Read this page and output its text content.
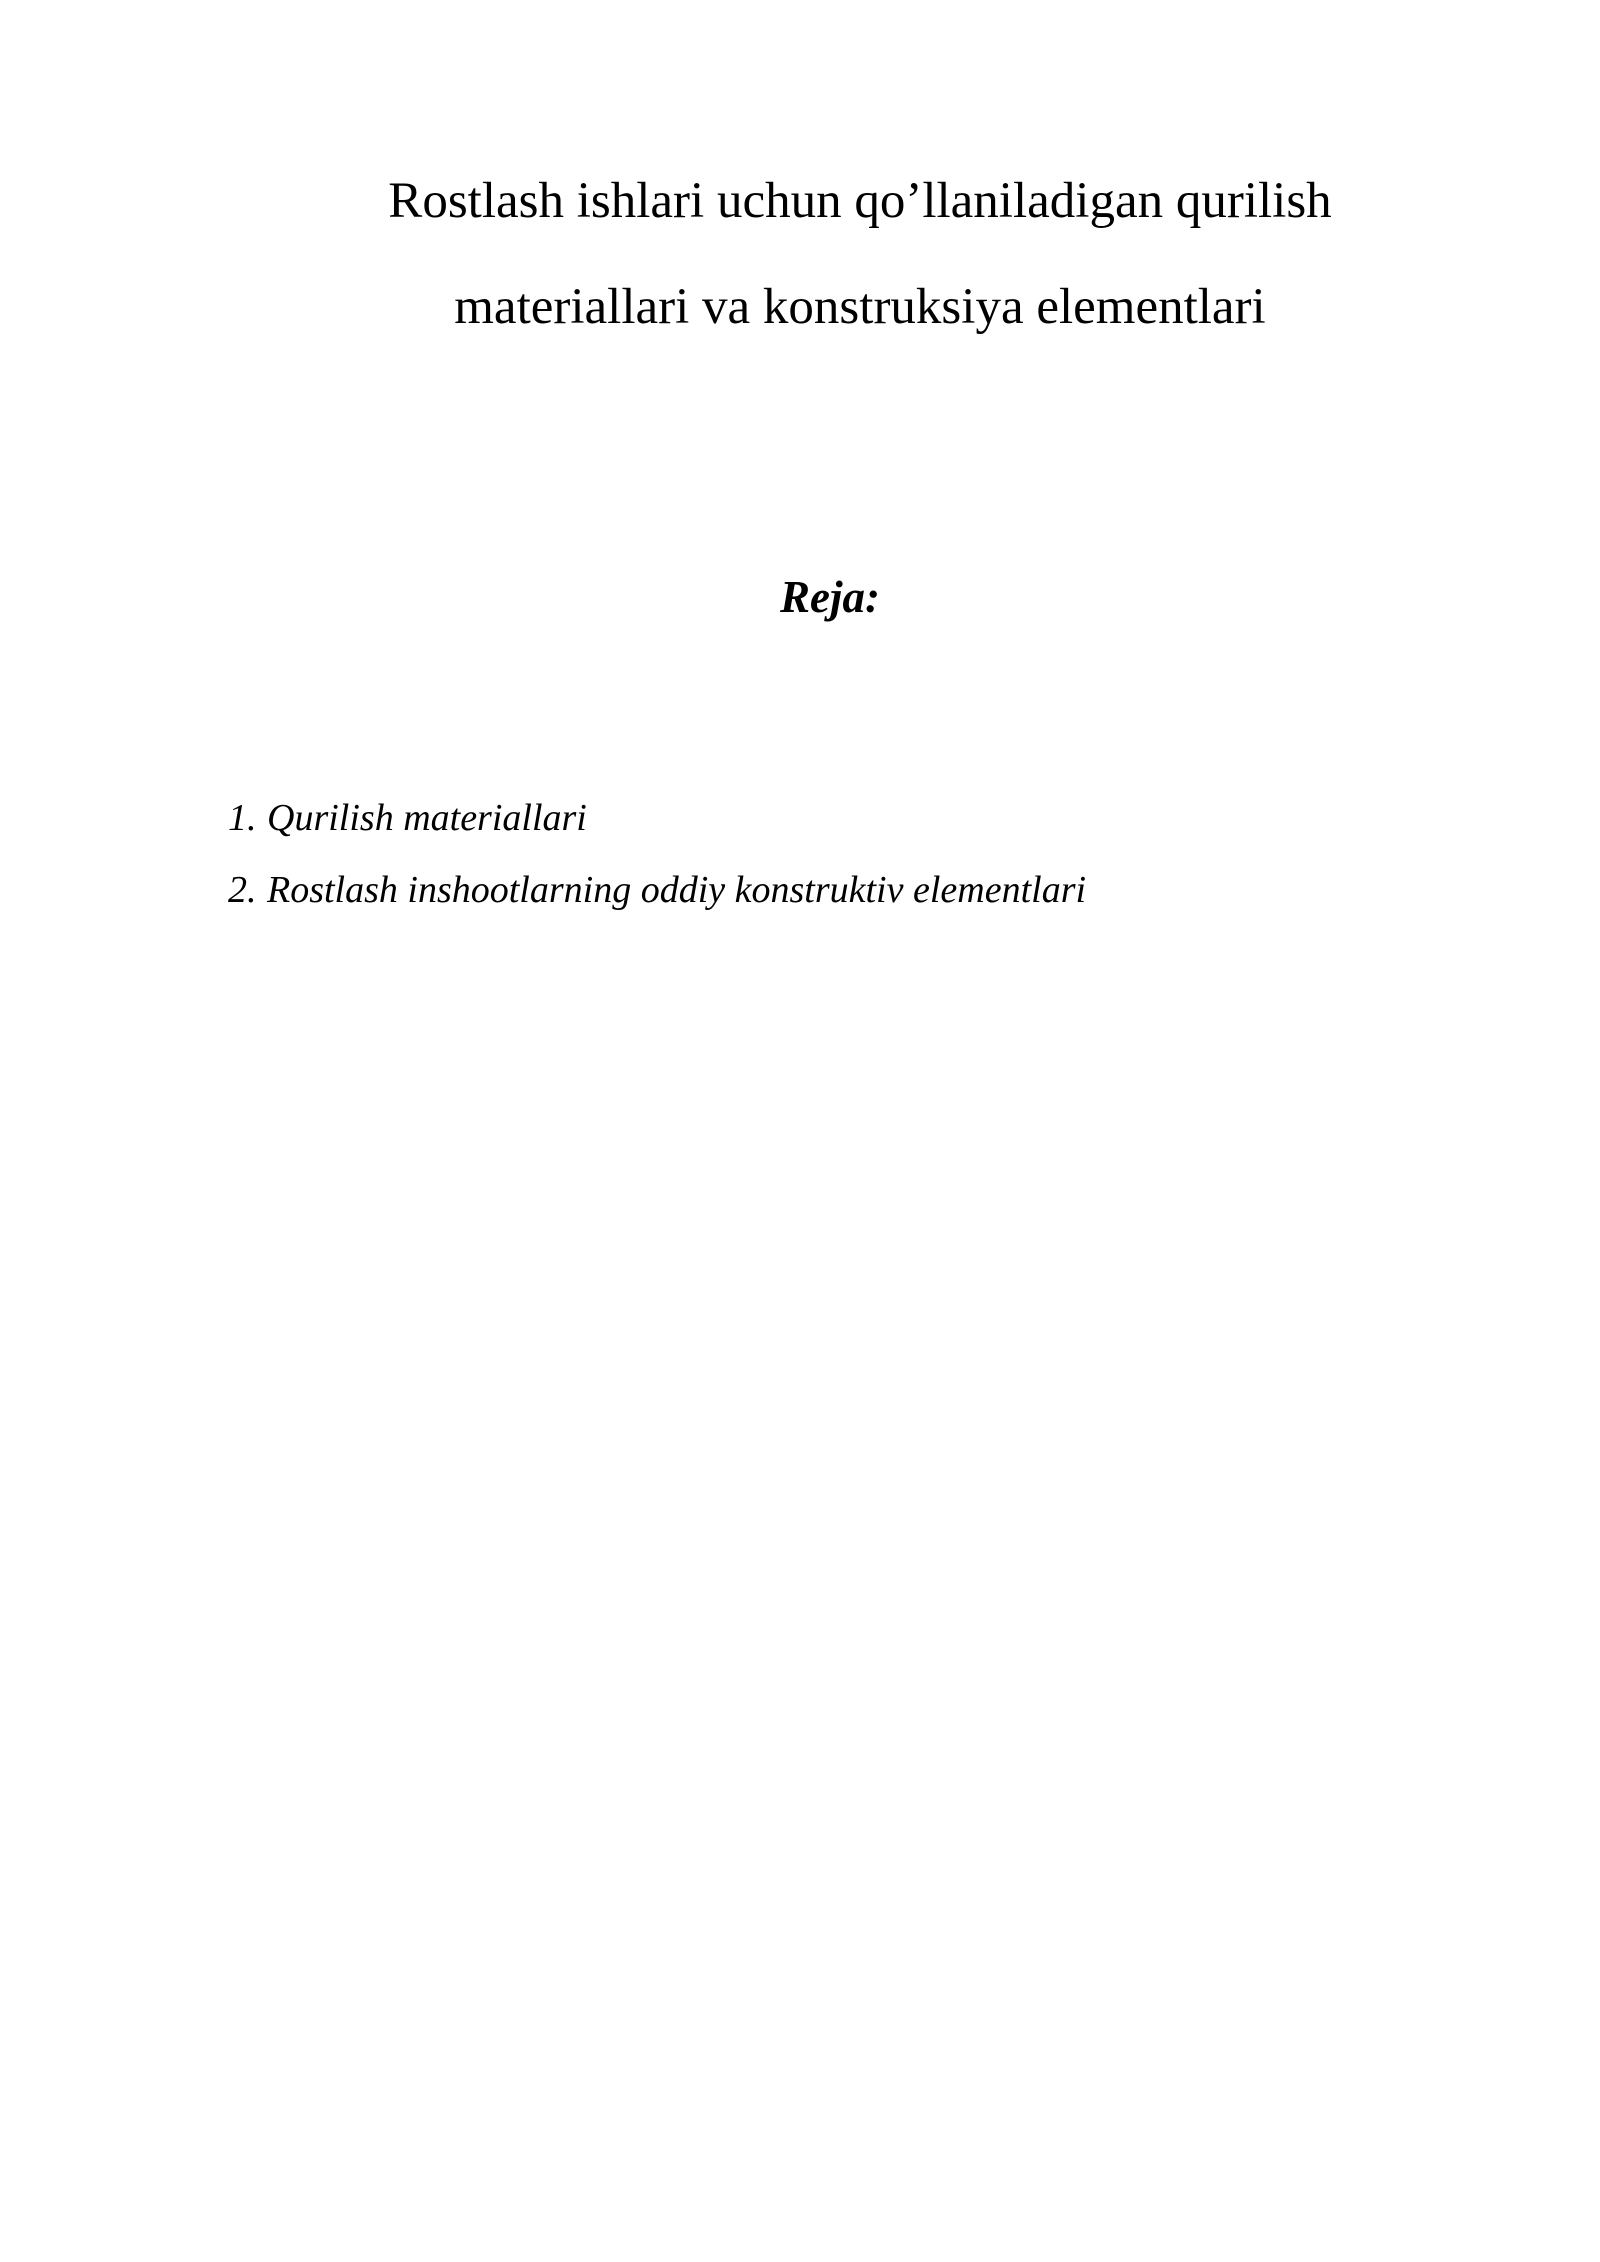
Rostlash ishlari uchun qo’llaniladigan qurilish
materiallari va konstruksiya elementlari
Reja:
1. Qurilish materiallari
2. Rostlash inshootlarning oddiy konstruktiv elementlari
